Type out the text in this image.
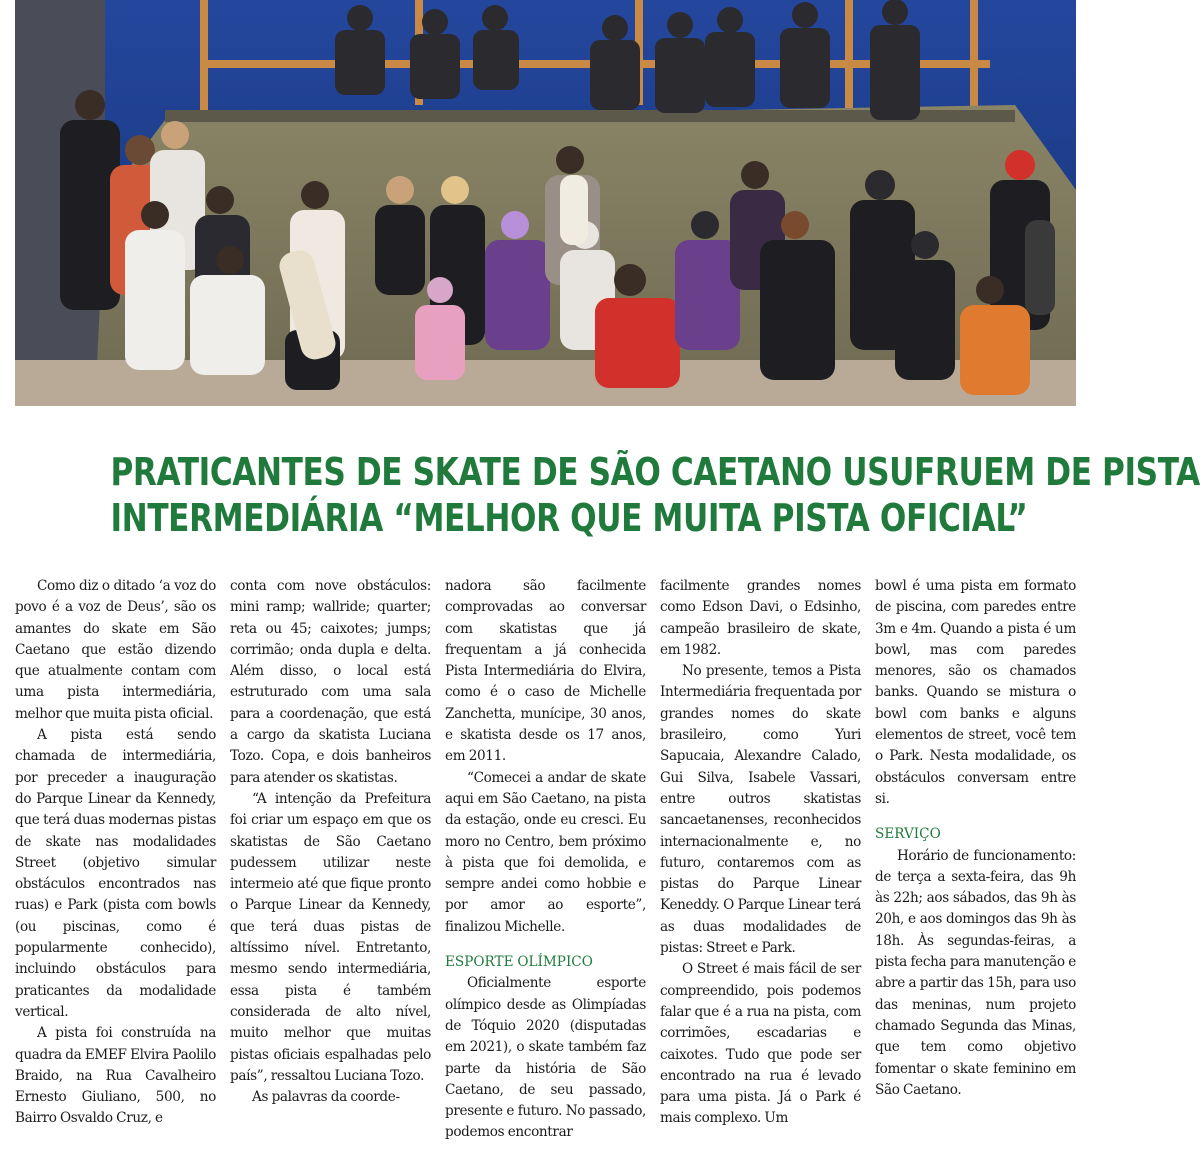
PRATICANTES DE SKATE DE SÃO CAETANO USUFRUEM DE PISTA
INTERMEDIÁRIA “MELHOR QUE MUITA PISTA OFICIAL”

Como diz o ditado ‘a voz do povo é a voz de Deus’, são os amantes do skate em São Caetano que estão dizendo que atualmente contam com uma pista intermediária, melhor que muita pista oficial.

A pista está sendo chamada de intermediária, por preceder a inauguração do Parque Linear da Kennedy, que terá duas modernas pistas de skate nas modalidades Street (objetivo simular obstáculos encontrados nas ruas) e Park (pista com bowls (ou piscinas, como é popularmente conhecido), incluindo obstáculos para praticantes da modalidade vertical.

A pista foi construída na quadra da EMEF Elvira Paolilo Braido, na Rua Cavalheiro Ernesto Giuliano, 500, no Bairro Osvaldo Cruz, e

conta com nove obstáculos: mini ramp; wallride; quarter; reta ou 45; caixotes; jumps; corrimão; onda dupla e delta. Além disso, o local está estruturado com uma sala para a coordenação, que está a cargo da skatista Luciana Tozo. Copa, e dois banheiros para atender os skatistas.

“A intenção da Prefeitura foi criar um espaço em que os skatistas de São Caetano pudessem utilizar neste intermeio até que fique pronto o Parque Linear da Kennedy, que terá duas pistas de altíssimo nível. Entretanto, mesmo sendo intermediária, essa pista é também considerada de alto nível, muito melhor que muitas pistas oficiais espalhadas pelo país”, ressaltou Luciana Tozo.

As palavras da coorde-

nadora são facilmente comprovadas ao conversar com skatistas que já frequentam a já conhecida Pista Intermediária do Elvira, como é o caso de Michelle Zanchetta, munícipe, 30 anos, e skatista desde os 17 anos, em 2011.

“Comecei a andar de skate aqui em São Caetano, na pista da estação, onde eu cresci. Eu moro no Centro, bem próximo à pista que foi demolida, e sempre andei como hobbie e por amor ao esporte”, finalizou Michelle.

ESPORTE OLÍMPICO

Oficialmente esporte olímpico desde as Olimpíadas de Tóquio 2020 (disputadas em 2021), o skate também faz parte da história de São Caetano, de seu passado, presente e futuro. No passado, podemos encontrar

facilmente grandes nomes como Edson Davi, o Edsinho, campeão brasileiro de skate, em 1982.

No presente, temos a Pista Intermediária frequentada por grandes nomes do skate brasileiro, como Yuri Sapucaia, Alexandre Calado, Gui Silva, Isabele Vassari, entre outros skatistas sancaetanenses, reconhecidos internacionalmente e, no futuro, contaremos com as pistas do Parque Linear Keneddy. O Parque Linear terá as duas modalidades de pistas: Street e Park.

O Street é mais fácil de ser compreendido, pois podemos falar que é a rua na pista, com corrimões, escadarias e caixotes. Tudo que pode ser encontrado na rua é levado para uma pista. Já o Park é mais complexo. Um

bowl é uma pista em formato de piscina, com paredes entre 3m e 4m. Quando a pista é um bowl, mas com paredes menores, são os chamados banks. Quando se mistura o bowl com banks e alguns elementos de street, você tem o Park. Nesta modalidade, os obstáculos conversam entre si.

SERVIÇO

Horário de funcionamento: de terça a sexta-feira, das 9h às 22h; aos sábados, das 9h às 20h, e aos domingos das 9h às 18h. Às segundas-feiras, a pista fecha para manutenção e abre a partir das 15h, para uso das meninas, num projeto chamado Segunda das Minas, que tem como objetivo fomentar o skate feminino em São Caetano.
